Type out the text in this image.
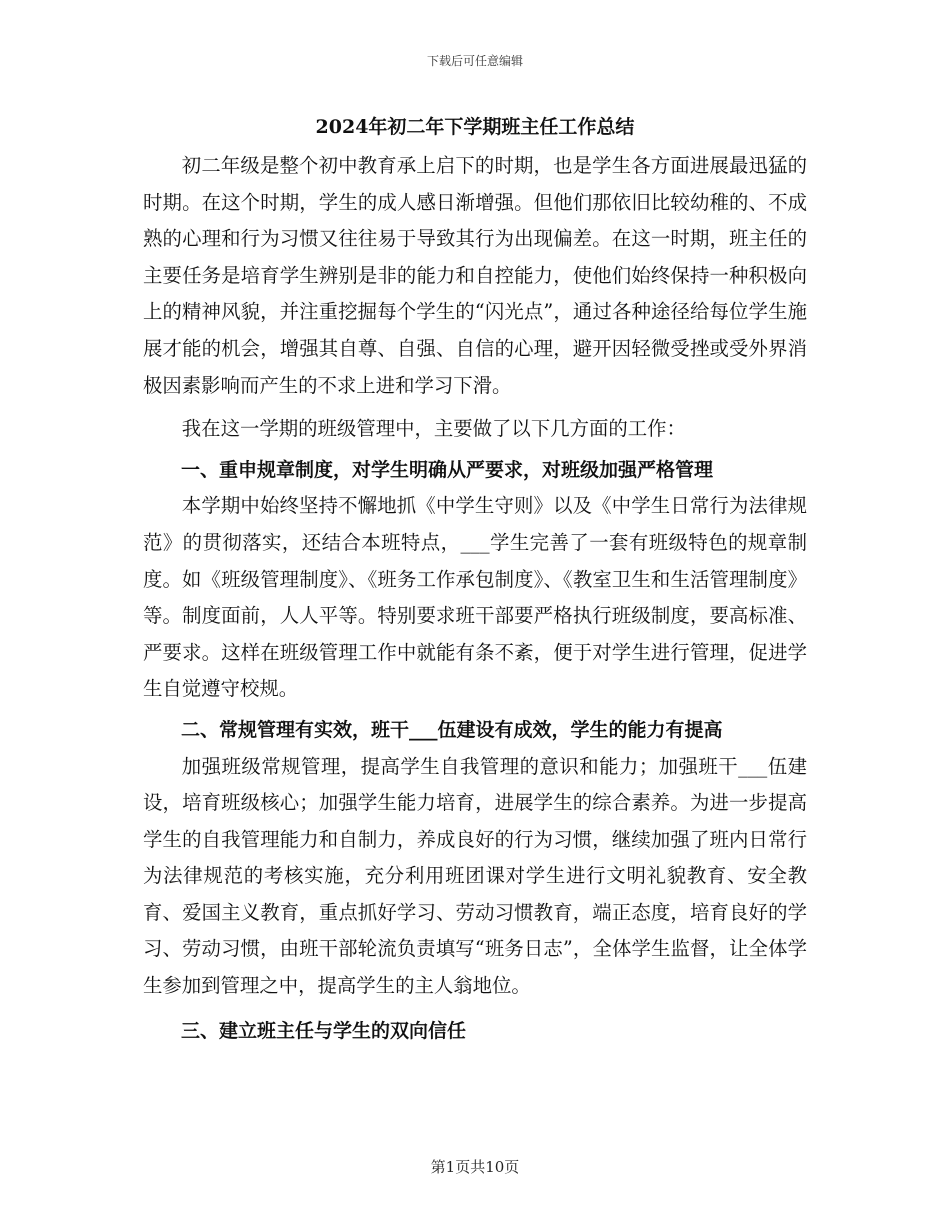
下载后可任意编辑
2024年初二年下学期班主任工作总结

初二年级是整个初中教育承上启下的时期，也是学生各方面进展最迅猛的时期。在这个时期，学生的成人感日渐增强。但他们那依旧比较幼稚的、不成熟的心理和行为习惯又往往易于导致其行为出现偏差。在这一时期，班主任的主要任务是培育学生辨别是非的能力和自控能力，使他们始终保持一种积极向上的精神风貌，并注重挖掘每个学生的“闪光点”，通过各种途径给每位学生施展才能的机会，增强其自尊、自强、自信的心理，避开因轻微受挫或受外界消极因素影响而产生的不求上进和学习下滑。

我在这一学期的班级管理中，主要做了以下几方面的工作：

一、重申规章制度，对学生明确从严要求，对班级加强严格管理

本学期中始终坚持不懈地抓《中学生守则》以及《中学生日常行为法律规范》的贯彻落实，还结合本班特点，___学生完善了一套有班级特色的规章制度。如《班级管理制度》、《班务工作承包制度》、《教室卫生和生活管理制度》等。制度面前，人人平等。特别要求班干部要严格执行班级制度，要高标准、严要求。这样在班级管理工作中就能有条不紊，便于对学生进行管理，促进学生自觉遵守校规。

二、常规管理有实效，班干___伍建设有成效，学生的能力有提高

加强班级常规管理，提高学生自我管理的意识和能力；加强班干___伍建设，培育班级核心；加强学生能力培育，进展学生的综合素养。为进一步提高学生的自我管理能力和自制力，养成良好的行为习惯，继续加强了班内日常行为法律规范的考核实施，充分利用班团课对学生进行文明礼貌教育、安全教育、爱国主义教育，重点抓好学习、劳动习惯教育，端正态度，培育良好的学习、劳动习惯，由班干部轮流负责填写“班务日志”，全体学生监督，让全体学生参加到管理之中，提高学生的主人翁地位。

三、建立班主任与学生的双向信任
第1页共10页
